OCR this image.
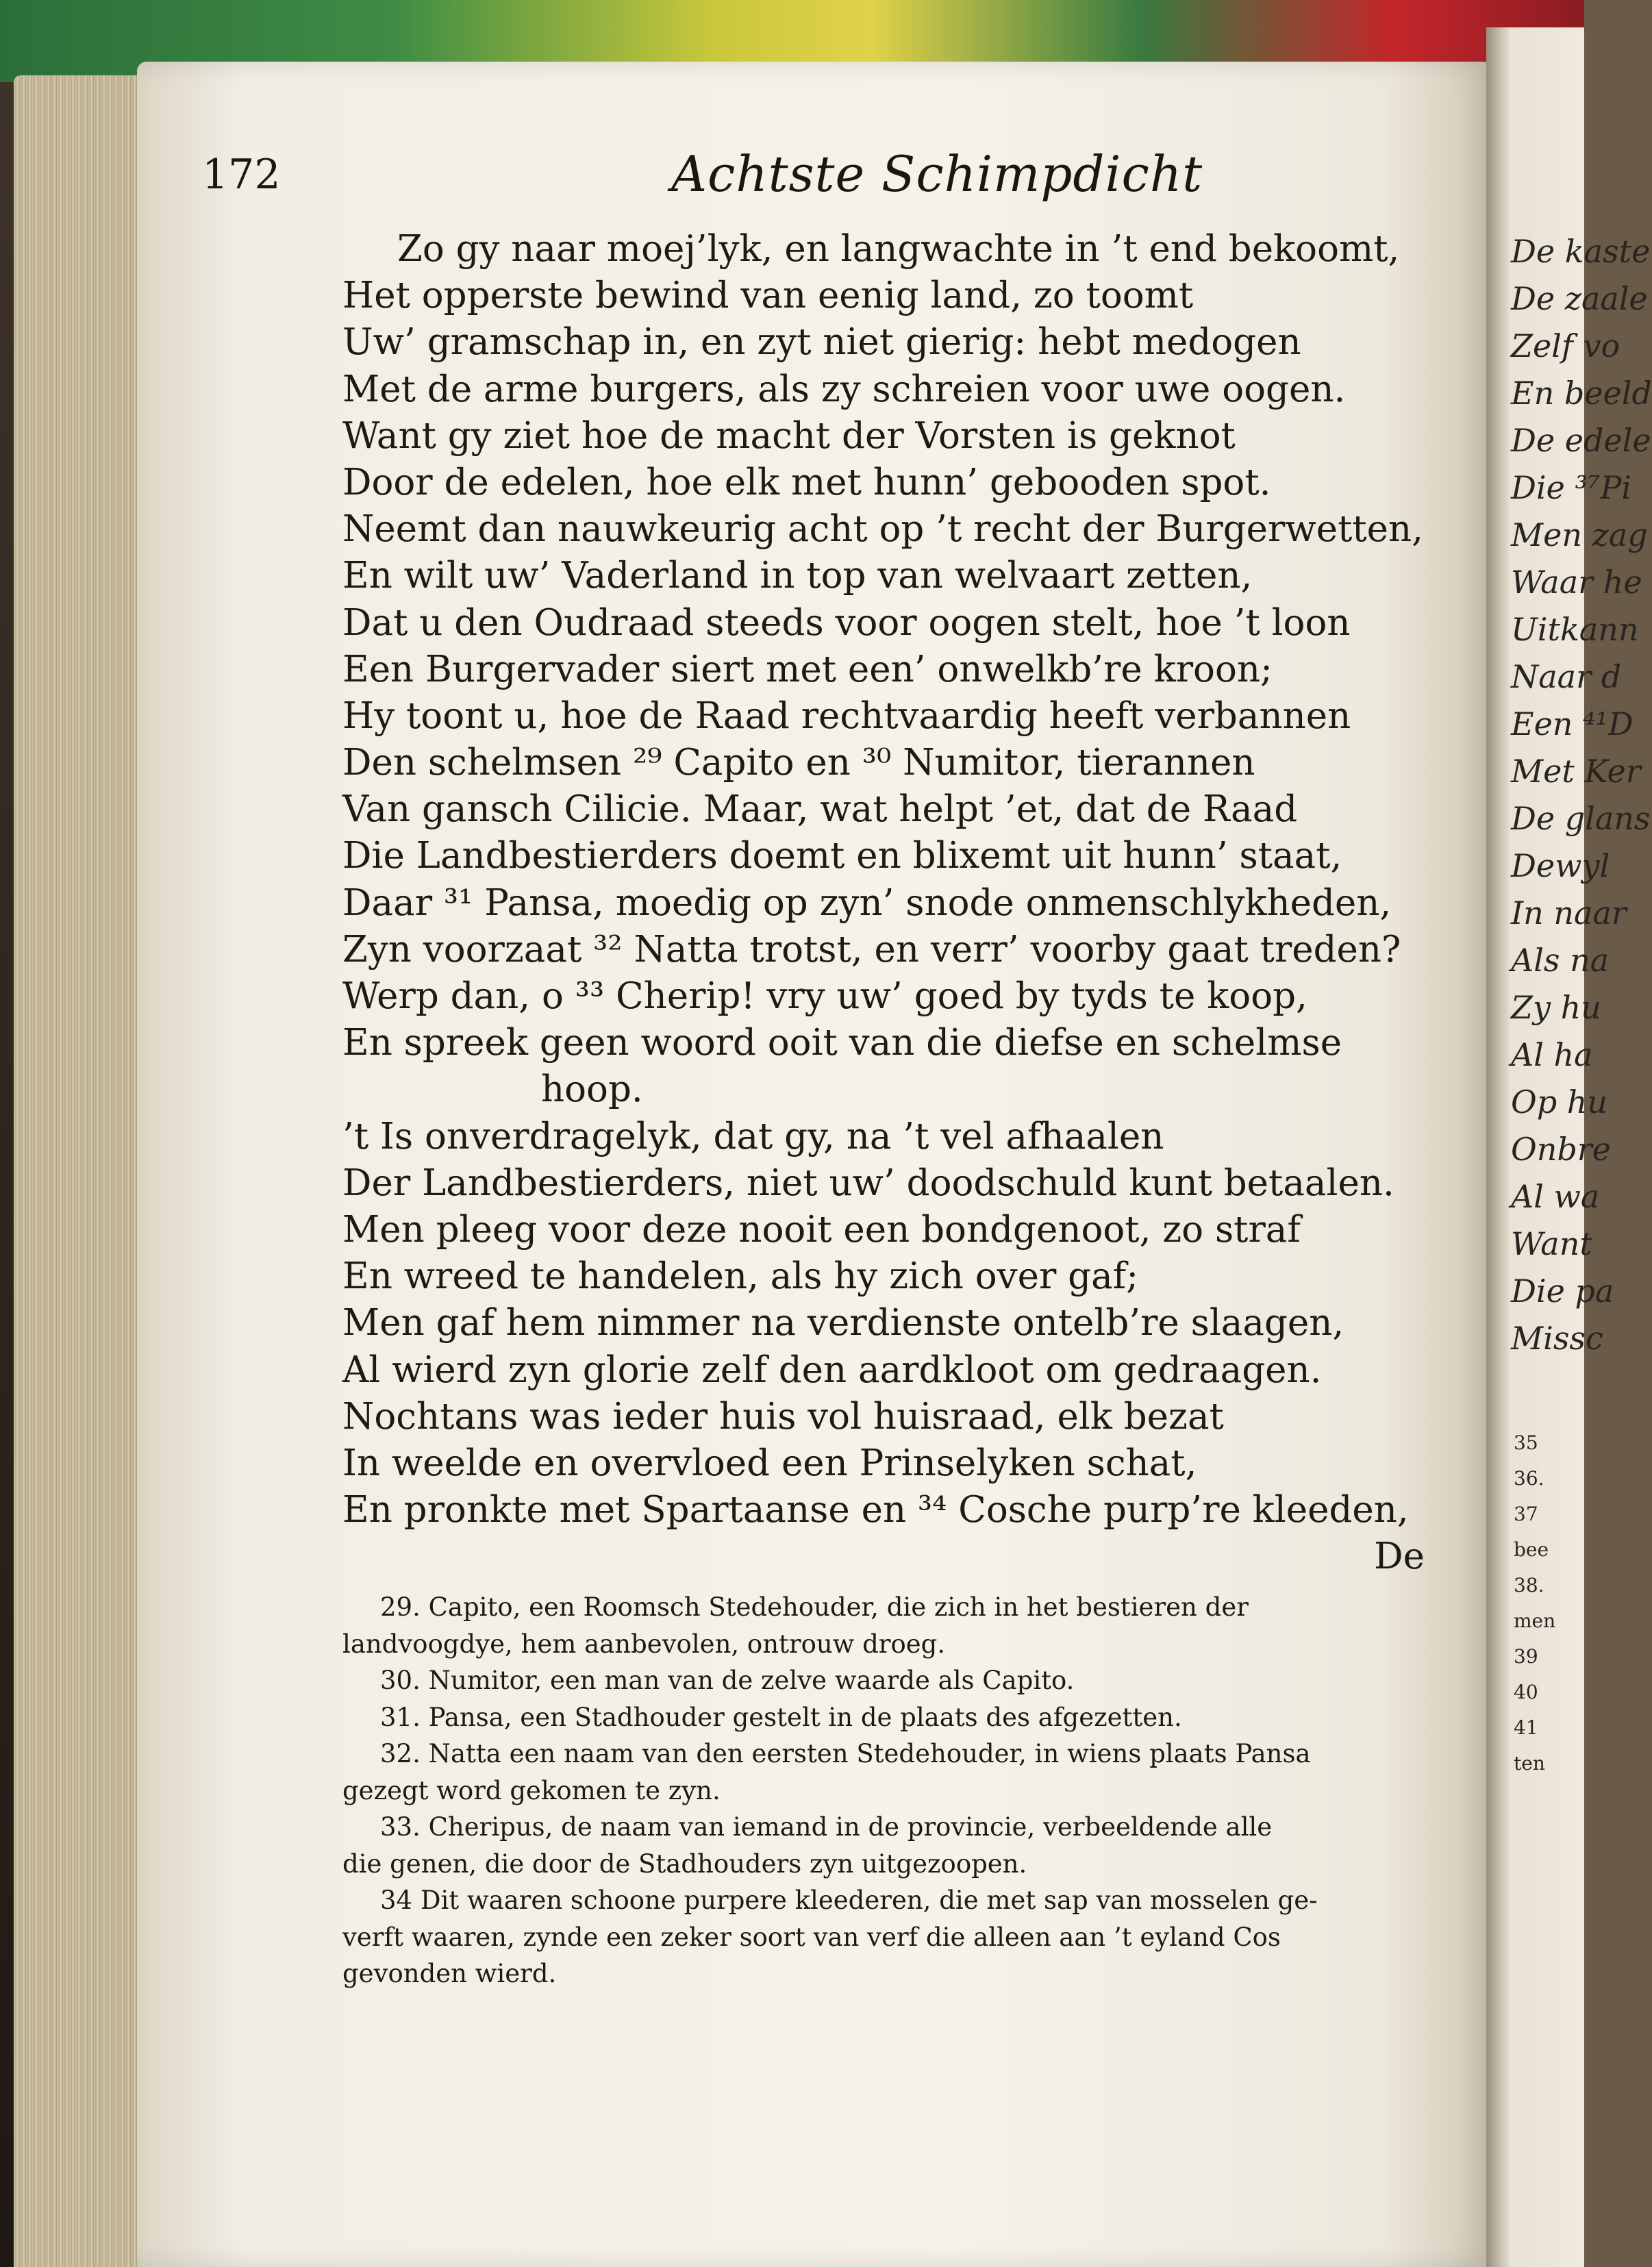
De kaste
De zaale
Zelf vo
En beeld
De edele
Die ³⁷Pi
Men zag
Waar he
Uitkann
Naar d
Een ⁴¹D
Met Ker
De glans
Dewyl
In naar
Als na
Zy hu
Al ha
Op hu
Onbre
Al wa
Want
Die pa
Missc
35
36.
37
bee
38.
men
39
40
41
ten
172	Achtste Schimpdicht
Zo gy naar moej’lyk, en langwachte in ’t end bekoomt,
Het opperste bewind van eenig land, zo toomt
Uw’ gramschap in, en zyt niet gierig: hebt medogen
Met de arme burgers, als zy schreien voor uwe oogen.
Want gy ziet hoe de macht der Vorsten is geknot
Door de edelen, hoe elk met hunn’ gebooden spot.
Neemt dan nauwkeurig acht op ’t recht der Burgerwetten,
En wilt uw’ Vaderland in top van welvaart zetten,
Dat u den Oudraad steeds voor oogen stelt, hoe ’t loon
Een Burgervader siert met een’ onwelkb’re kroon;
Hy toont u, hoe de Raad rechtvaardig heeft verbannen
Den schelmsen ²⁹ Capito en ³⁰ Numitor, tierannen
Van gansch Cilicie. Maar, wat helpt ’et, dat de Raad
Die Landbestierders doemt en blixemt uit hunn’ staat,
Daar ³¹ Pansa, moedig op zyn’ snode onmenschlykheden,
Zyn voorzaat ³² Natta trotst, en verr’ voorby gaat treden?
Werp dan, o ³³ Cherip! vry uw’ goed by tyds te koop,
En spreek geen woord ooit van die diefse en schelmse
hoop.
’t Is onverdragelyk, dat gy, na ’t vel afhaalen
Der Landbestierders, niet uw’ doodschuld kunt betaalen.
Men pleeg voor deze nooit een bondgenoot, zo straf
En wreed te handelen, als hy zich over gaf;
Men gaf hem nimmer na verdienste ontelb’re slaagen,
Al wierd zyn glorie zelf den aardkloot om gedraagen.
Nochtans was ieder huis vol huisraad, elk bezat
In weelde en overvloed een Prinselyken schat,
En pronkte met Spartaanse en ³⁴ Cosche purp’re kleeden,
De
29. Capito, een Roomsch Stedehouder, die zich in het bestieren der
landvoogdye, hem aanbevolen, ontrouw droeg.
30. Numitor, een man van de zelve waarde als Capito.
31. Pansa, een Stadhouder gestelt in de plaats des afgezetten.
32. Natta een naam van den eersten Stedehouder, in wiens plaats Pansa
gezegt word gekomen te zyn.
33. Cheripus, de naam van iemand in de provincie, verbeeldende alle
die genen, die door de Stadhouders zyn uitgezoopen.
34 Dit waaren schoone purpere kleederen, die met sap van mosselen ge-
verft waaren, zynde een zeker soort van verf die alleen aan ’t eyland Cos
gevonden wierd.
